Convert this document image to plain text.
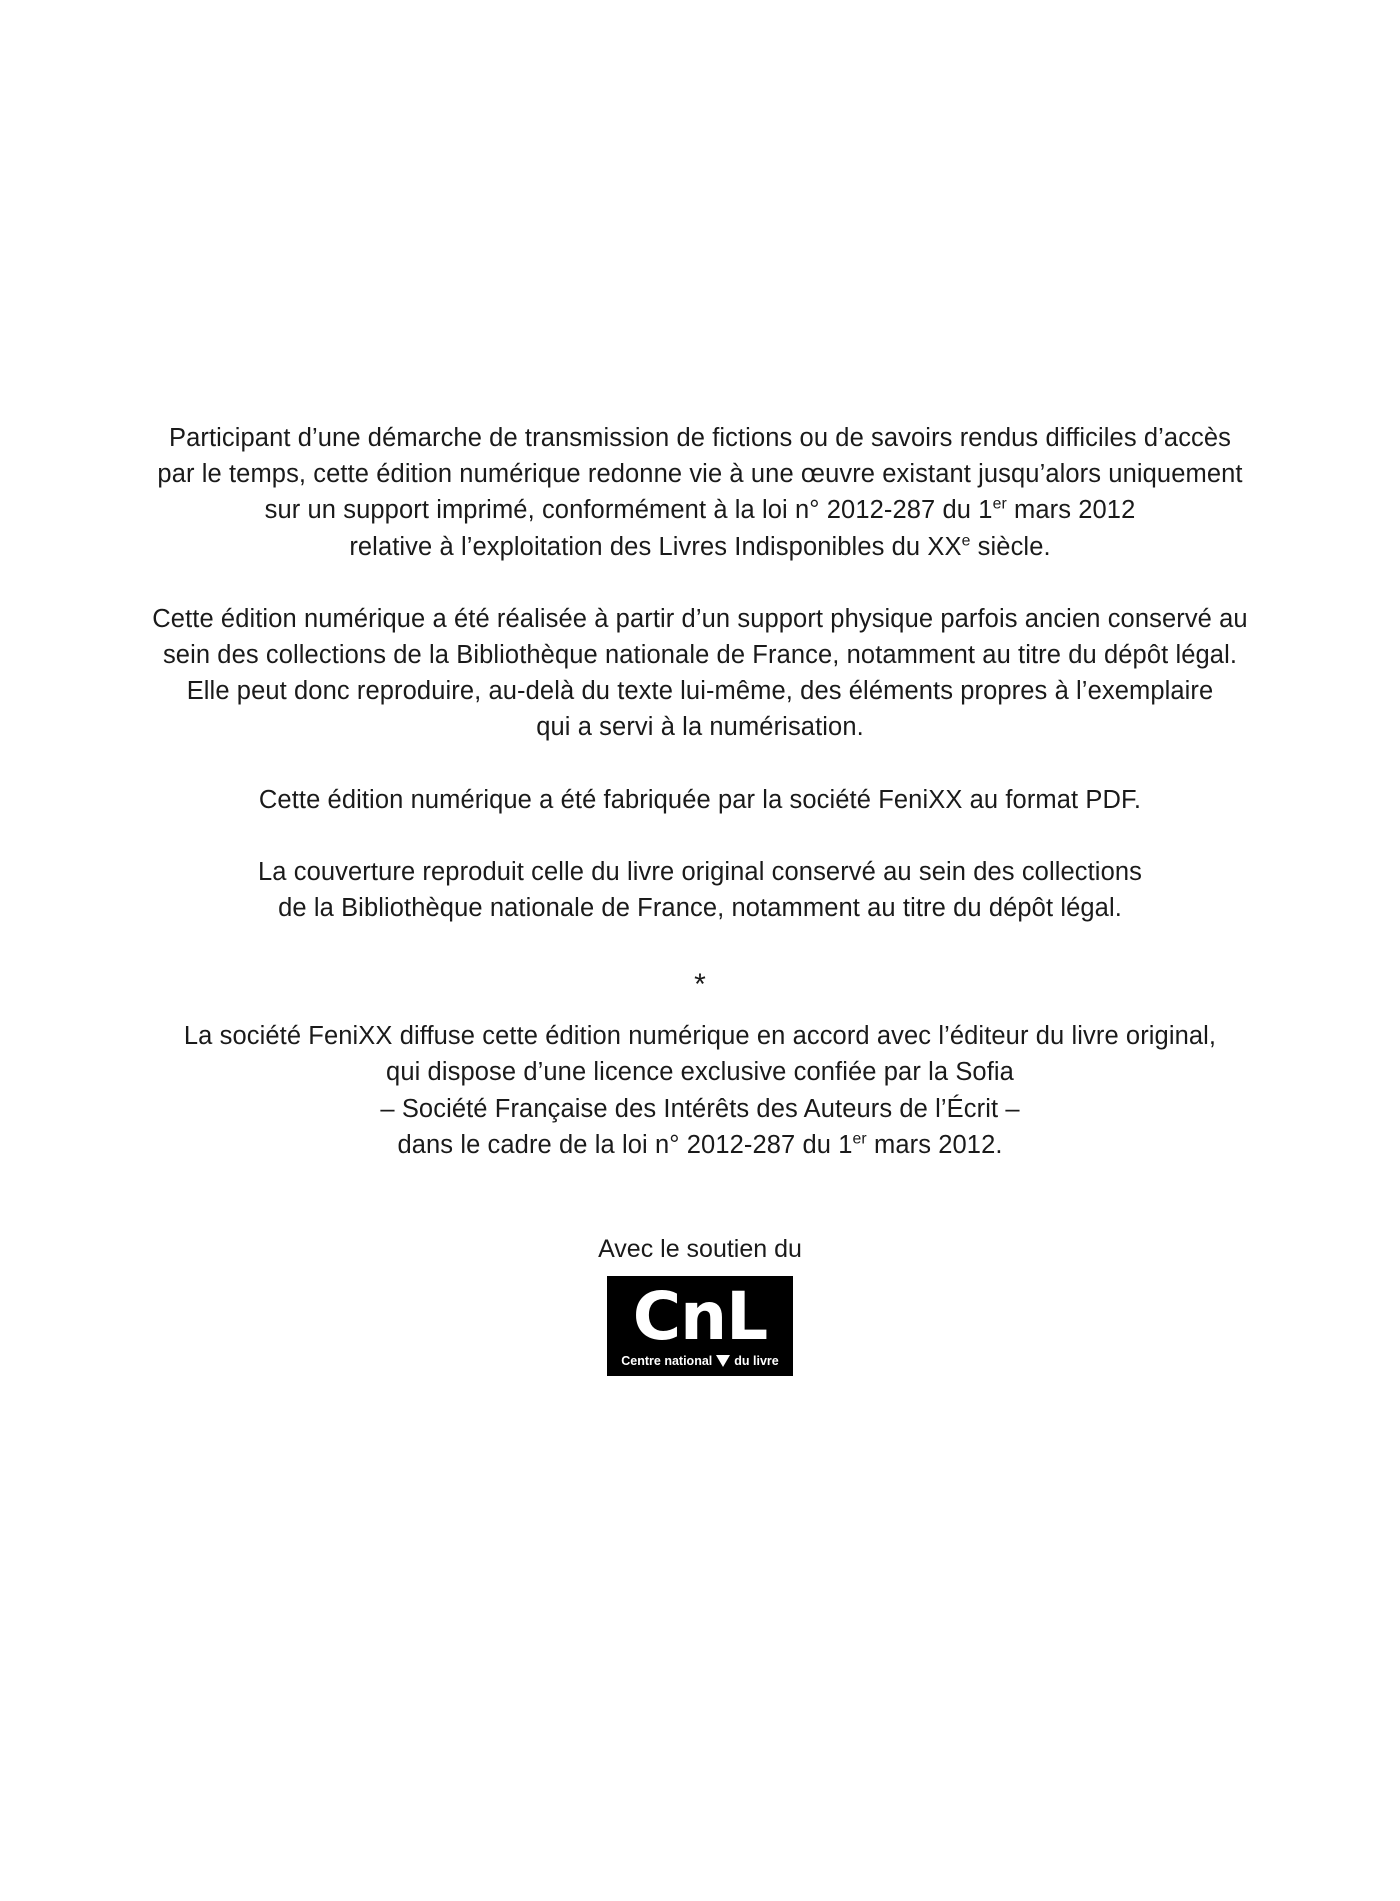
Participant d’une démarche de transmission de fictions ou de savoirs rendus difficiles d’accès
par le temps, cette édition numérique redonne vie à une œuvre existant jusqu’alors uniquement
sur un support imprimé, conformément à la loi n° 2012-287 du 1er mars 2012
relative à l’exploitation des Livres Indisponibles du XXe siècle.

Cette édition numérique a été réalisée à partir d’un support physique parfois ancien conservé au
sein des collections de la Bibliothèque nationale de France, notamment au titre du dépôt légal.
Elle peut donc reproduire, au-delà du texte lui-même, des éléments propres à l’exemplaire
qui a servi à la numérisation.

Cette édition numérique a été fabriquée par la société FeniXX au format PDF.

La couverture reproduit celle du livre original conservé au sein des collections
de la Bibliothèque nationale de France, notamment au titre du dépôt légal.

*

La société FeniXX diffuse cette édition numérique en accord avec l’éditeur du livre original,
qui dispose d’une licence exclusive confiée par la Sofia
– Société Française des Intérêts des Auteurs de l’Écrit –
dans le cadre de la loi n° 2012-287 du 1er mars 2012.

Avec le soutien du

CnL
Centre national du livre
